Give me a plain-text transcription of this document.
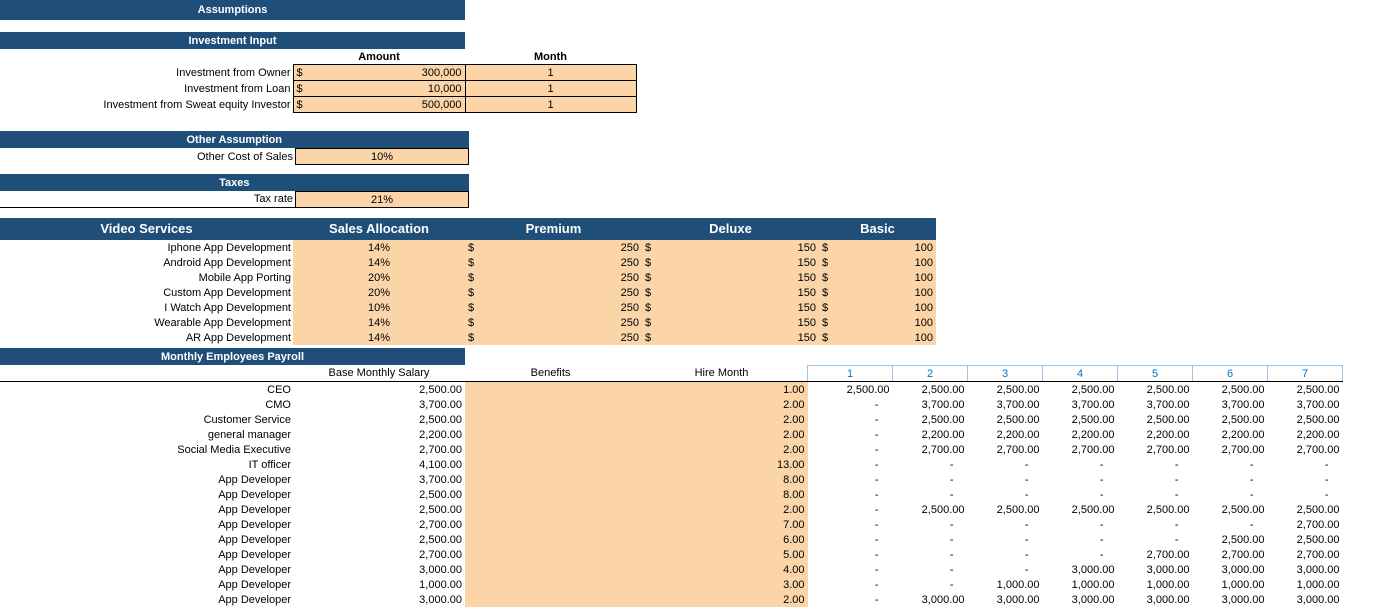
Assumptions
Investment Input			
	Amount		Month
Investment from Owner	$	300,000	1
Investment from Loan	$	10,000	1
Investment from Sweat equity Investor	$	500,000	1
Other Assumption
Other Cost of Sales	10%
Taxes
Tax rate	21%
Video Services	Sales Allocation	Premium		Deluxe		Basic	
Iphone App Development	14%	$	250	$	150	$	100
Android App Development	14%	$	250	$	150	$	100
Mobile App Porting	20%	$	250	$	150	$	100
Custom App Development	20%	$	250	$	150	$	100
I Watch App Development	10%	$	250	$	150	$	100
Wearable App Development	14%	$	250	$	150	$	100
AR App Development	14%	$	250	$	150	$	100
Monthly Employees Payroll
	Base Monthly Salary	Benefits	Hire Month	1	2	3	4	5	6	7
CEO	2,500.00		1.00	2,500.00	2,500.00	2,500.00	2,500.00	2,500.00	2,500.00	2,500.00
CMO	3,700.00		2.00	-	3,700.00	3,700.00	3,700.00	3,700.00	3,700.00	3,700.00
Customer Service	2,500.00		2.00	-	2,500.00	2,500.00	2,500.00	2,500.00	2,500.00	2,500.00
general manager	2,200.00		2.00	-	2,200.00	2,200.00	2,200.00	2,200.00	2,200.00	2,200.00
Social Media Executive	2,700.00		2.00	-	2,700.00	2,700.00	2,700.00	2,700.00	2,700.00	2,700.00
IT officer	4,100.00		13.00	-	-	-	-	-	-	-
App Developer	3,700.00		8.00	-	-	-	-	-	-	-
App Developer	2,500.00		8.00	-	-	-	-	-	-	-
App Developer	2,500.00		2.00	-	2,500.00	2,500.00	2,500.00	2,500.00	2,500.00	2,500.00
App Developer	2,700.00		7.00	-	-	-	-	-	-	2,700.00
App Developer	2,500.00		6.00	-	-	-	-	-	2,500.00	2,500.00
App Developer	2,700.00		5.00	-	-	-	-	2,700.00	2,700.00	2,700.00
App Developer	3,000.00		4.00	-	-	-	3,000.00	3,000.00	3,000.00	3,000.00
App Developer	1,000.00		3.00	-	-	1,000.00	1,000.00	1,000.00	1,000.00	1,000.00
App Developer	3,000.00		2.00	-	3,000.00	3,000.00	3,000.00	3,000.00	3,000.00	3,000.00
